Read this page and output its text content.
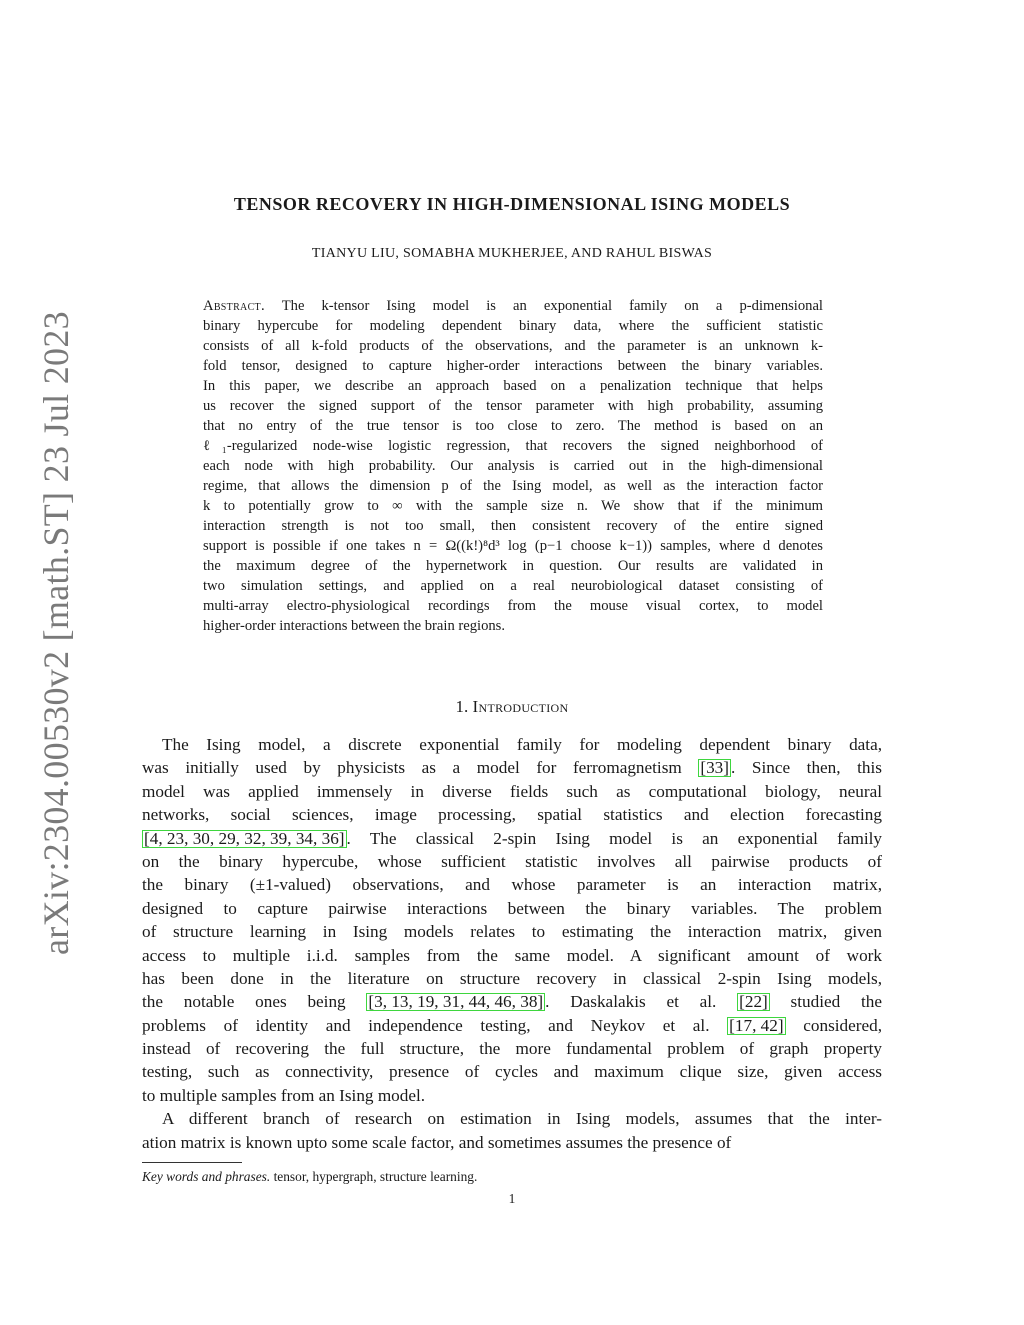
arXiv:2304.00530v2 [math.ST] 23 Jul 2023
TENSOR RECOVERY IN HIGH-DIMENSIONAL ISING MODELS
TIANYU LIU, SOMABHA MUKHERJEE, AND RAHUL BISWAS
Abstract. The k-tensor Ising model is an exponential family on a p-dimensional
binary hypercube for modeling dependent binary data, where the sufficient statistic
consists of all k-fold products of the observations, and the parameter is an unknown k-
fold tensor, designed to capture higher-order interactions between the binary variables.
In this paper, we describe an approach based on a penalization technique that helps
us recover the signed support of the tensor parameter with high probability, assuming
that no entry of the true tensor is too close to zero. The method is based on an
ℓ₁-regularized node-wise logistic regression, that recovers the signed neighborhood of
each node with high probability. Our analysis is carried out in the high-dimensional
regime, that allows the dimension p of the Ising model, as well as the interaction factor
k to potentially grow to ∞ with the sample size n. We show that if the minimum
interaction strength is not too small, then consistent recovery of the entire signed
support is possible if one takes n = Ω((k!)⁸d³ log (p−1 choose k−1)) samples, where d denotes
the maximum degree of the hypernetwork in question. Our results are validated in
two simulation settings, and applied on a real neurobiological dataset consisting of
multi-array electro-physiological recordings from the mouse visual cortex, to model
higher-order interactions between the brain regions.
1. Introduction
The Ising model, a discrete exponential family for modeling dependent binary data,
was initially used by physicists as a model for ferromagnetism [33] . Since then, this
model was applied immensely in diverse fields such as computational biology, neural
networks, social sciences, image processing, spatial statistics and election forecasting
[4, 23, 30, 29, 32, 39, 34, 36] . The classical 2-spin Ising model is an exponential family
on the binary hypercube, whose sufficient statistic involves all pairwise products of
the binary (±1-valued) observations, and whose parameter is an interaction matrix,
designed to capture pairwise interactions between the binary variables. The problem
of structure learning in Ising models relates to estimating the interaction matrix, given
access to multiple i.i.d. samples from the same model. A significant amount of work
has been done in the literature on structure recovery in classical 2-spin Ising models,
the notable ones being [3, 13, 19, 31, 44, 46, 38] . Daskalakis et al. [22] studied the
problems of identity and independence testing, and Neykov et al. [17, 42] considered,
instead of recovering the full structure, the more fundamental problem of graph property
testing, such as connectivity, presence of cycles and maximum clique size, given access
to multiple samples from an Ising model.
A different branch of research on estimation in Ising models, assumes that the inter-
ation matrix is known upto some scale factor, and sometimes assumes the presence of
Key words and phrases. tensor, hypergraph, structure learning.
1
